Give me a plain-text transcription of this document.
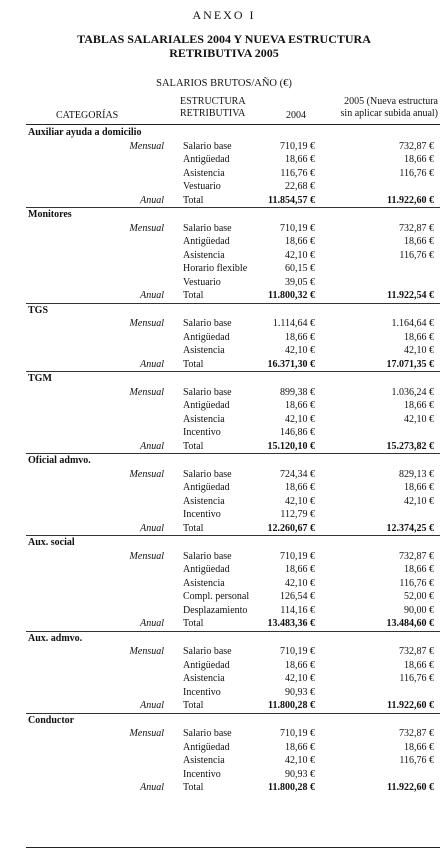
ANEXO I
TABLAS SALARIALES 2004 Y NUEVA ESTRUCTURA
RETRIBUTIVA 2005
SALARIOS BRUTOS/AÑO (€)
CATEGORÍAS
ESTRUCTURA
RETRIBUTIVA	2004
2005 (Nueva estructura
sin aplicar subida anual)
Auxiliar ayuda a domicilio
Mensual Salario base	710,19 €	732,87 €
Antigüedad	18,66 €	18,66 €
Asistencia	116,76 €	116,76 €
Vestuario	22,68 €
Anual Total	11.854,57 €	11.922,60 €
Monitores
Mensual Salario base	710,19 €	732,87 €
Antigüedad	18,66 €	18,66 €
Asistencia	42,10 €	116,76 €
Horario flexible	60,15 €
Vestuario	39,05 €
Anual Total	11.800,32 €	11.922,54 €
TGS
Mensual Salario base	1.114,64 €	1.164,64 €
Antigüedad	18,66 €	18,66 €
Asistencia	42,10 €	42,10 €
Anual Total	16.371,30 €	17.071,35 €
TGM
Mensual Salario base	899,38 €	1.036,24 €
Antigüedad	18,66 €	18,66 €
Asistencia	42,10 €	42,10 €
Incentivo	146,86 €
Anual Total	15.120,10 €	15.273,82 €
Oficial admvo.
Mensual Salario base	724,34 €	829,13 €
Antigüedad	18,66 €	18,66 €
Asistencia	42,10 €	42,10 €
Incentivo	112,79 €
Anual Total	12.260,67 €	12.374,25 €
Aux. social
Mensual Salario base	710,19 €	732,87 €
Antigüedad	18,66 €	18,66 €
Asistencia	42,10 €	116,76 €
Compl. personal	126,54 €	52,00 €
Desplazamiento	114,16 €	90,00 €
Anual Total	13.483,36 €	13.484,60 €
Aux. admvo.
Mensual Salario base	710,19 €	732,87 €
Antigüedad	18,66 €	18,66 €
Asistencia	42,10 €	116,76 €
Incentivo	90,93 €
Anual Total	11.800,28 €	11.922,60 €
Conductor
Mensual Salario base	710,19 €	732,87 €
Antigüedad	18,66 €	18,66 €
Asistencia	42,10 €	116,76 €
Incentivo	90,93 €
Anual Total	11.800,28 €	11.922,60 €
